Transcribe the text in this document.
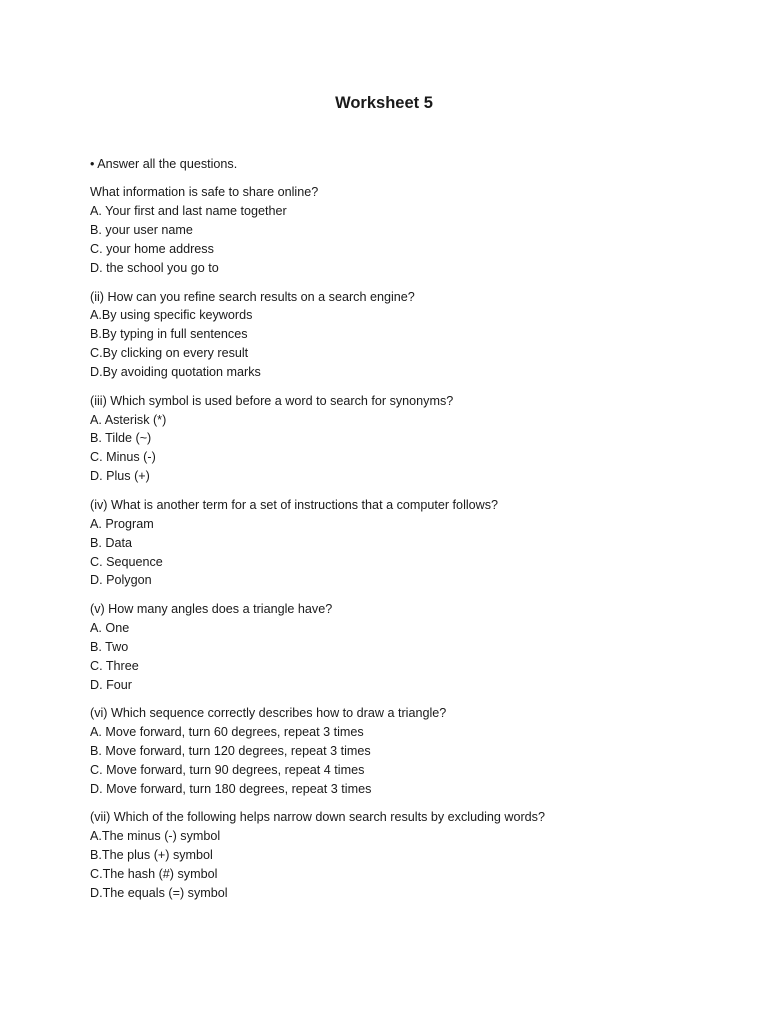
Worksheet 5

• Answer all the questions.

What information is safe to share online?

A. Your first and last name together

B. your user name

C. your home address

D. the school you go to

(ii) How can you refine search results on a search engine?

A.By using specific keywords

B.By typing in full sentences

C.By clicking on every result

D.By avoiding quotation marks

(iii) Which symbol is used before a word to search for synonyms?

A. Asterisk (*)

B. Tilde (~)

C. Minus (-)

D. Plus (+)

(iv) What is another term for a set of instructions that a computer follows?

A. Program

B. Data

C. Sequence

D. Polygon

(v) How many angles does a triangle have?

A. One

B. Two

C. Three

D. Four

(vi) Which sequence correctly describes how to draw a triangle?

A. Move forward, turn 60 degrees, repeat 3 times

B. Move forward, turn 120 degrees, repeat 3 times

C. Move forward, turn 90 degrees, repeat 4 times

D. Move forward, turn 180 degrees, repeat 3 times

(vii) Which of the following helps narrow down search results by excluding words?

A.The minus (-) symbol

B.The plus (+) symbol

C.The hash (#) symbol

D.The equals (=) symbol
